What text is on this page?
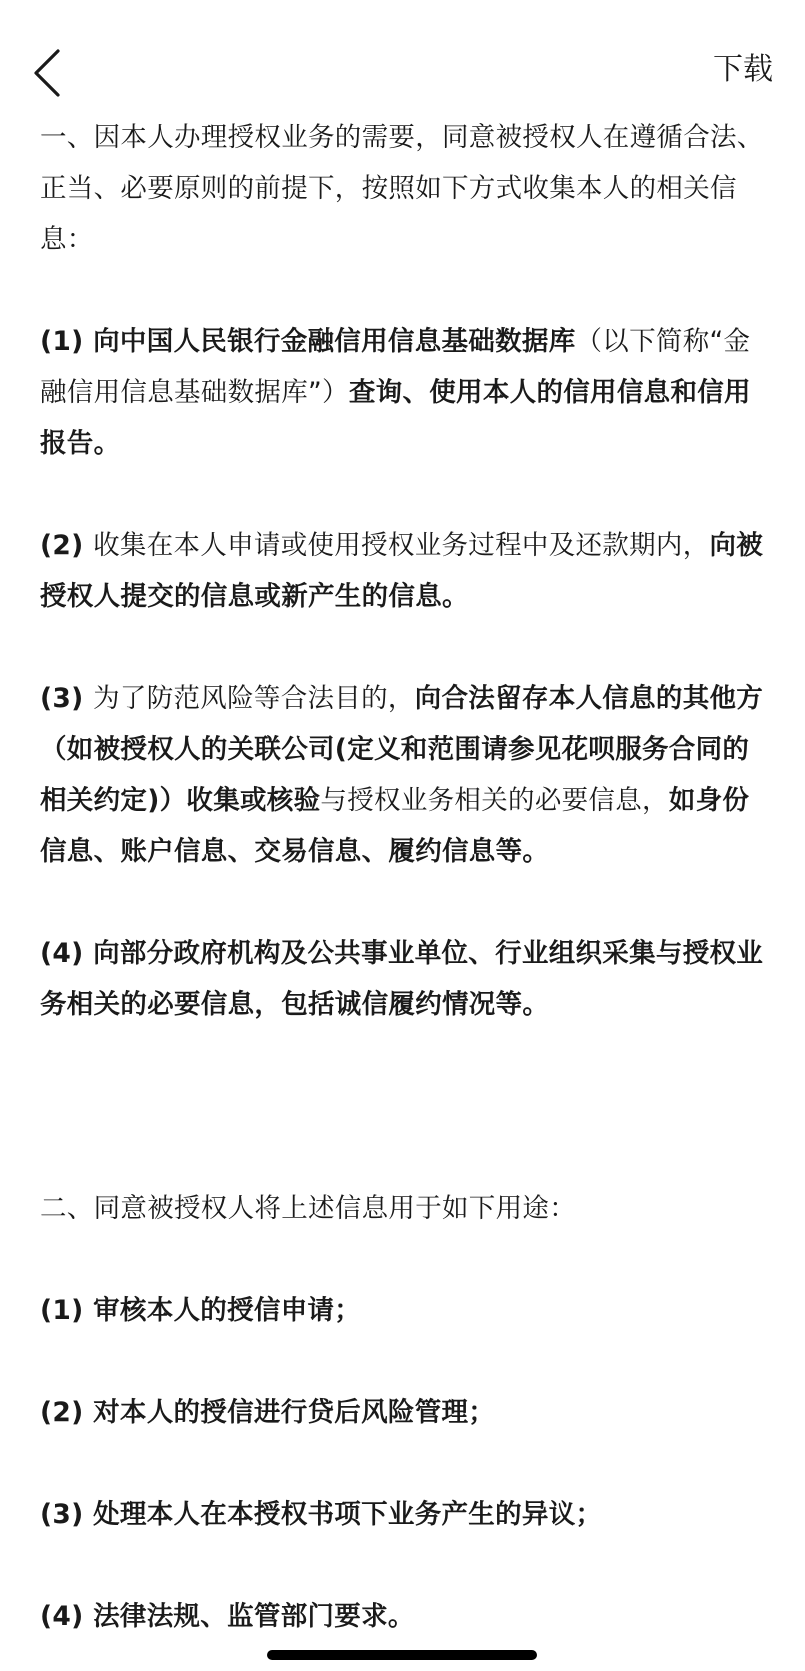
下载

一、因本人办理授权业务的需要，同意被授权人在遵循合法、正当、必要原则的前提下，按照如下方式收集本人的相关信息：

(1) 向中国人民银行金融信用信息基础数据库（以下简称“金融信用信息基础数据库”）查询、使用本人的信用信息和信用报告。

(2) 收集在本人申请或使用授权业务过程中及还款期内，向被授权人提交的信息或新产生的信息。

(3) 为了防范风险等合法目的，向合法留存本人信息的其他方（如被授权人的关联公司(定义和范围请参见花呗服务合同的相关约定)）收集或核验与授权业务相关的必要信息，如身份信息、账户信息、交易信息、履约信息等。

(4) 向部分政府机构及公共事业单位、行业组织采集与授权业务相关的必要信息，包括诚信履约情况等。

二、同意被授权人将上述信息用于如下用途：

(1) 审核本人的授信申请；

(2) 对本人的授信进行贷后风险管理；

(3) 处理本人在本授权书项下业务产生的异议；

(4) 法律法规、监管部门要求。
